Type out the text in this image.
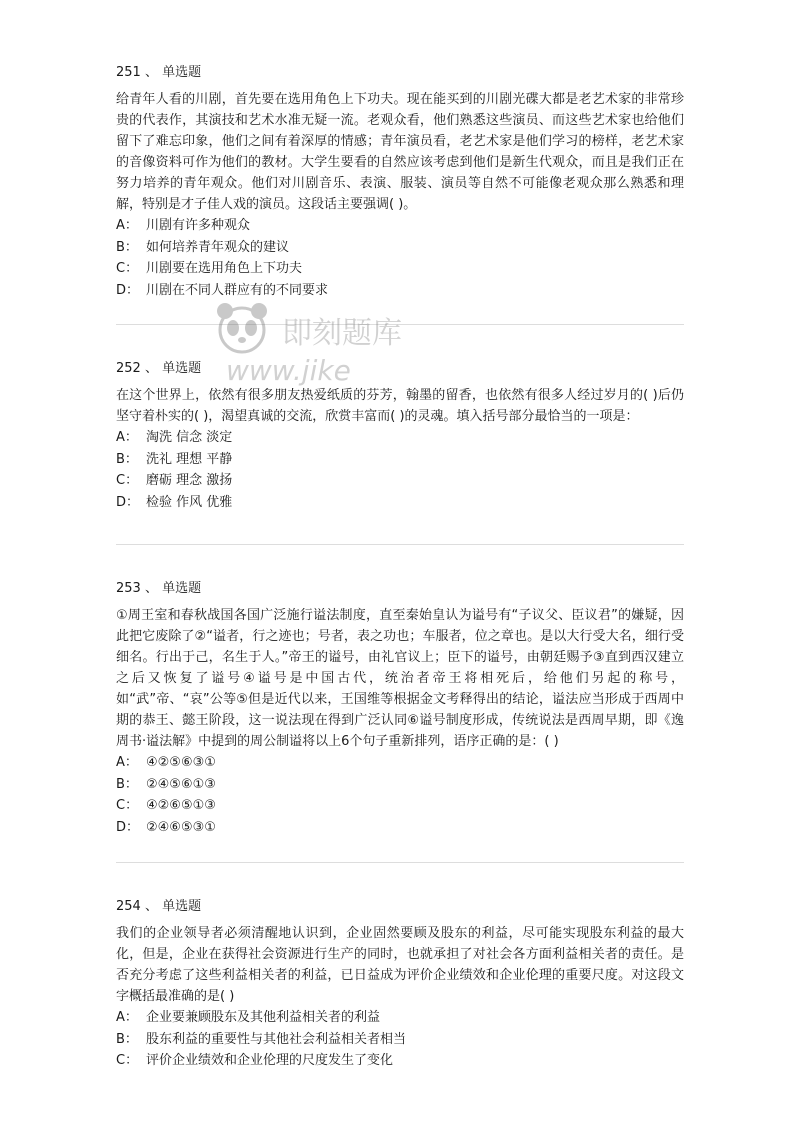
251 、 单选题
给青年人看的川剧，首先要在选用角色上下功夫。现在能买到的川剧光碟大都是老艺术家的非常珍贵的代表作，其演技和艺术水准无疑一流。老观众看，他们熟悉这些演员、而这些艺术家也给他们留下了难忘印象，他们之间有着深厚的情感；青年演员看，老艺术家是他们学习的榜样，老艺术家的音像资料可作为他们的教材。大学生要看的自然应该考虑到他们是新生代观众，而且是我们正在努力培养的青年观众。他们对川剧音乐、表演、服装、演员等自然不可能像老观众那么熟悉和理解，特别是才子佳人戏的演员。这段话主要强调( )。
A： 川剧有许多种观众
B： 如何培养青年观众的建议
C： 川剧要在选用角色上下功夫
D： 川剧在不同人群应有的不同要求
252 、 单选题
在这个世界上，依然有很多朋友热爱纸质的芬芳，翰墨的留香，也依然有很多人经过岁月的( )后仍坚守着朴实的( )，渴望真诚的交流，欣赏丰富而( )的灵魂。填入括号部分最恰当的一项是：
A： 淘洗 信念 淡定
B： 洗礼 理想 平静
C： 磨砺 理念 激扬
D： 检验 作风 优雅
253 、 单选题
①周王室和春秋战国各国广泛施行谥法制度，直至秦始皇认为谥号有“子议父、臣议君”的嫌疑，因此把它废除了②“谥者，行之迹也；号者，表之功也；车服者，位之章也。是以大行受大名，细行受细名。行出于己，名生于人。”帝王的谥号，由礼官议上；臣下的谥号，由朝廷赐予③直到西汉建立之后又恢复了谥号④谥号是中国古代，统治者帝王将相死后，给他们另起的称号，如“武”帝、“哀”公等⑤但是近代以来，王国维等根据金文考释得出的结论，谥法应当形成于西周中期的恭王、懿王阶段，这一说法现在得到广泛认同⑥谥号制度形成，传统说法是西周早期，即《逸周书·谥法解》中提到的周公制谥将以上6个句子重新排列，语序正确的是：( )
A： ④②⑤⑥③①
B： ②④⑤⑥①③
C： ④②⑥⑤①③
D： ②④⑥⑤③①
254 、 单选题
我们的企业领导者必须清醒地认识到，企业固然要顾及股东的利益，尽可能实现股东利益的最大化，但是，企业在获得社会资源进行生产的同时，也就承担了对社会各方面利益相关者的责任。是否充分考虑了这些利益相关者的利益，已日益成为评价企业绩效和企业伦理的重要尺度。对这段文字概括最准确的是( )
A： 企业要兼顾股东及其他利益相关者的利益
B： 股东利益的重要性与其他社会利益相关者相当
C： 评价企业绩效和企业伦理的尺度发生了变化
即刻题库
www.jike
